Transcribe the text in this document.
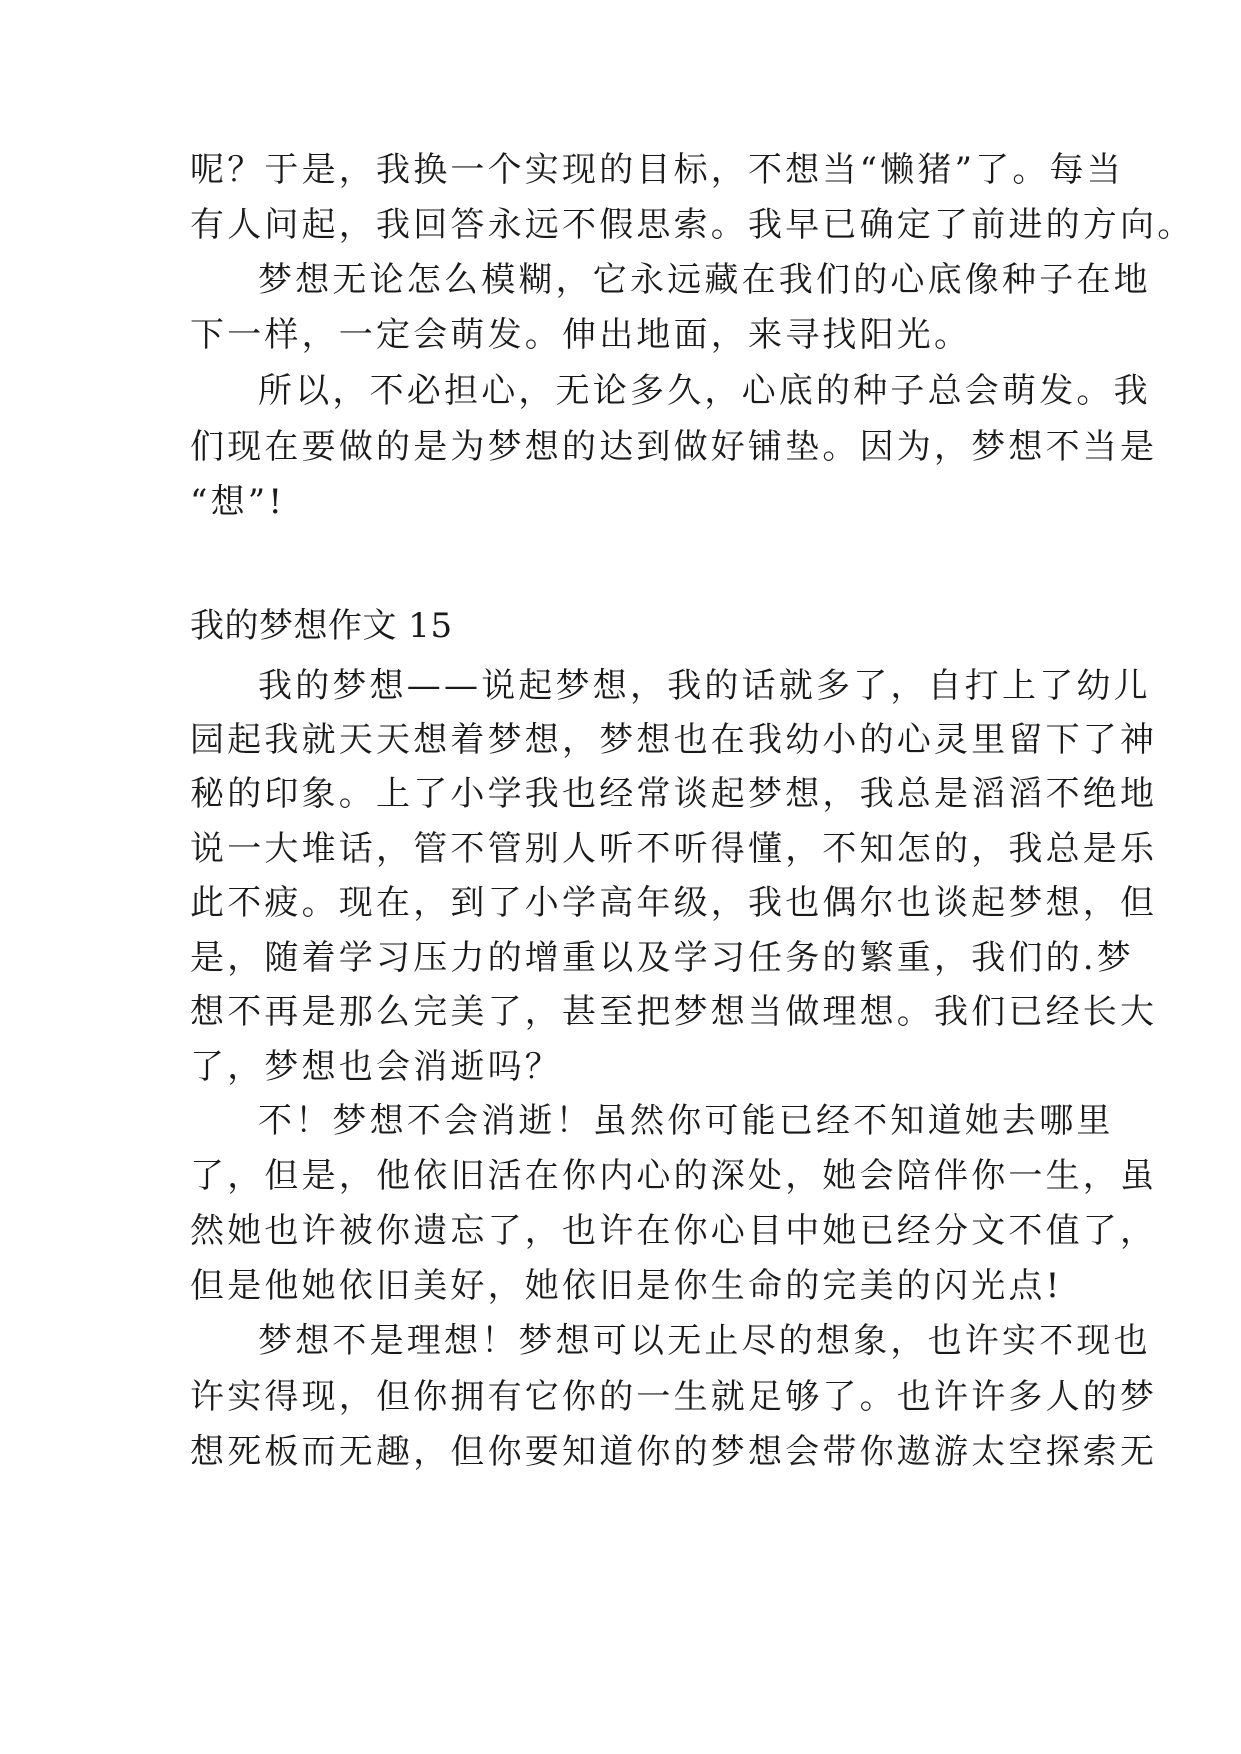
呢？于是，我换一个实现的目标，不想当“懒猪”了。每当
有人问起，我回答永远不假思索。我早已确定了前进的方向。
梦想无论怎么模糊，它永远藏在我们的心底像种子在地
下一样，一定会萌发。伸出地面，来寻找阳光。
所以，不必担心，无论多久，心底的种子总会萌发。我
们现在要做的是为梦想的达到做好铺垫。因为，梦想不当是
“想”!
我的梦想作文 15
我的梦想——说起梦想，我的话就多了，自打上了幼儿
园起我就天天想着梦想，梦想也在我幼小的心灵里留下了神
秘的印象。上了小学我也经常谈起梦想，我总是滔滔不绝地
说一大堆话，管不管别人听不听得懂，不知怎的，我总是乐
此不疲。现在，到了小学高年级，我也偶尔也谈起梦想，但
是，随着学习压力的增重以及学习任务的繁重，我们的.梦
想不再是那么完美了，甚至把梦想当做理想。我们已经长大
了，梦想也会消逝吗？
不！梦想不会消逝！虽然你可能已经不知道她去哪里
了，但是，他依旧活在你内心的深处，她会陪伴你一生，虽
然她也许被你遗忘了，也许在你心目中她已经分文不值了，
但是他她依旧美好，她依旧是你生命的完美的闪光点!
梦想不是理想！梦想可以无止尽的想象，也许实不现也
许实得现，但你拥有它你的一生就足够了。也许许多人的梦
想死板而无趣，但你要知道你的梦想会带你遨游太空探索无
